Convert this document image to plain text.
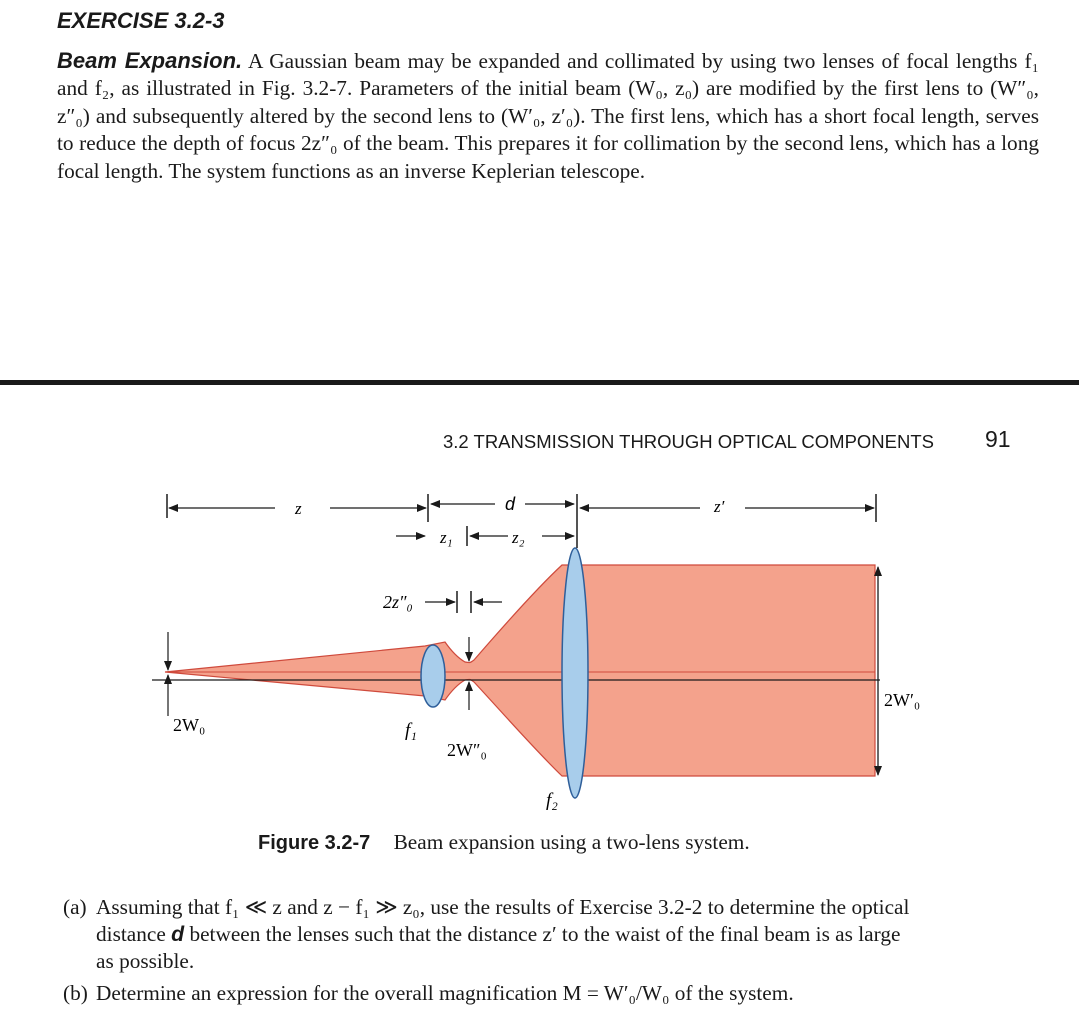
EXERCISE 3.2-3
Beam Expansion. A Gaussian beam may be expanded and collimated by using two lenses of focal lengths f₁ and f₂, as illustrated in Fig. 3.2-7. Parameters of the initial beam (W₀, z₀) are modified by the first lens to (W″₀, z″₀) and subsequently altered by the second lens to (W′₀, z′₀). The first lens, which has a short focal length, serves to reduce the depth of focus 2z″₀ of the beam. This prepares it for collimation by the second lens, which has a long focal length. The system functions as an inverse Keplerian telescope.
3.2 TRANSMISSION THROUGH OPTICAL COMPONENTS 91
z	d	z′
z₁	z₂
2z″₀
2W″₀
2W₀
2W′₀
f₁
f₂
Figure 3.2-7 Beam expansion using a two-lens system.
(a) Assuming that f₁ ≪ z and z − f₁ ≫ z₀, use the results of Exercise 3.2-2 to determine the optical
distance d between the lenses such that the distance z′ to the waist of the final beam is as large
as possible.
(b) Determine an expression for the overall magnification M = W′₀/W₀ of the system.
